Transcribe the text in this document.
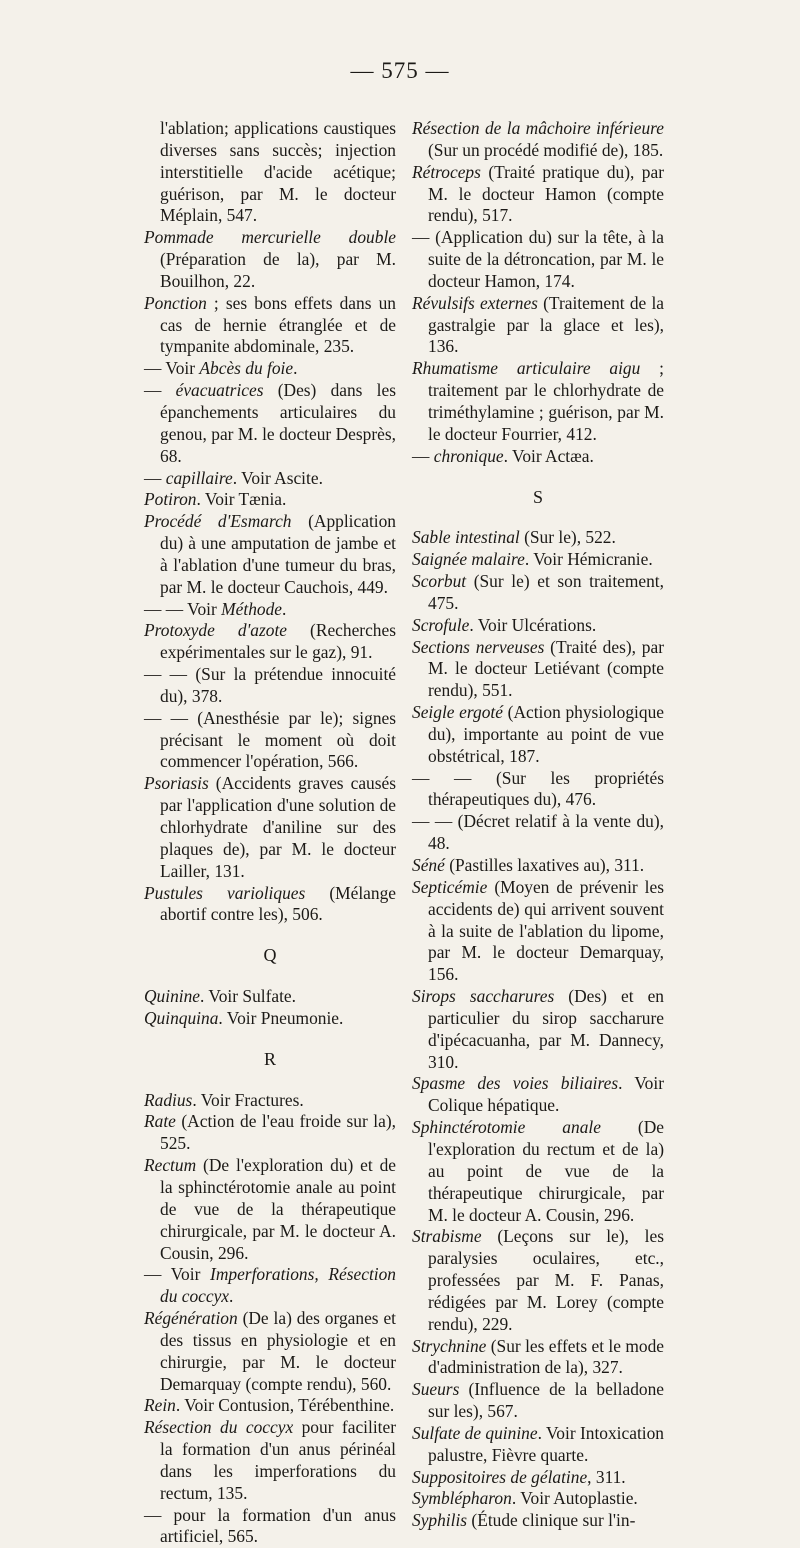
— 575 —

l'ablation; applications caustiques diverses sans succès; injection interstitielle d'acide acétique; guérison, par M. le docteur Méplain, 547.

Pommade mercurielle double (Préparation de la), par M. Bouilhon, 22.

Ponction ; ses bons effets dans un cas de hernie étranglée et de tympanite abdominale, 235.

— Voir Abcès du foie.

— évacuatrices (Des) dans les épanchements articulaires du genou, par M. le docteur Desprès, 68.

— capillaire. Voir Ascite.

Potiron. Voir Tænia.

Procédé d'Esmarch (Application du) à une amputation de jambe et à l'ablation d'une tumeur du bras, par M. le docteur Cauchois, 449.

— — Voir Méthode.

Protoxyde d'azote (Recherches expérimentales sur le gaz), 91.

— — (Sur la prétendue innocuité du), 378.

— — (Anesthésie par le); signes précisant le moment où doit commencer l'opération, 566.

Psoriasis (Accidents graves causés par l'application d'une solution de chlorhydrate d'aniline sur des plaques de), par M. le docteur Lailler, 131.

Pustules varioliques (Mélange abortif contre les), 506.

Q

Quinine. Voir Sulfate.

Quinquina. Voir Pneumonie.

R

Radius. Voir Fractures.

Rate (Action de l'eau froide sur la), 525.

Rectum (De l'exploration du) et de la sphinctérotomie anale au point de vue de la thérapeutique chirurgicale, par M. le docteur A. Cousin, 296.

— Voir Imperforations, Résection du coccyx.

Régénération (De la) des organes et des tissus en physiologie et en chirurgie, par M. le docteur Demarquay (compte rendu), 560.

Rein. Voir Contusion, Térébenthine.

Résection du coccyx pour faciliter la formation d'un anus périnéal dans les imperforations du rectum, 135.

— pour la formation d'un anus artificiel, 565.

Résection de la mâchoire inférieure (Sur un procédé modifié de), 185.

Rétroceps (Traité pratique du), par M. le docteur Hamon (compte rendu), 517.

— (Application du) sur la tête, à la suite de la détroncation, par M. le docteur Hamon, 174.

Révulsifs externes (Traitement de la gastralgie par la glace et les), 136.

Rhumatisme articulaire aigu ; traitement par le chlorhydrate de triméthylamine ; guérison, par M. le docteur Fourrier, 412.

— chronique. Voir Actæa.

S

Sable intestinal (Sur le), 522.

Saignée malaire. Voir Hémicranie.

Scorbut (Sur le) et son traitement, 475.

Scrofule. Voir Ulcérations.

Sections nerveuses (Traité des), par M. le docteur Letiévant (compte rendu), 551.

Seigle ergoté (Action physiologique du), importante au point de vue obstétrical, 187.

— — (Sur les propriétés thérapeutiques du), 476.

— — (Décret relatif à la vente du), 48.

Séné (Pastilles laxatives au), 311.

Septicémie (Moyen de prévenir les accidents de) qui arrivent souvent à la suite de l'ablation du lipome, par M. le docteur Demarquay, 156.

Sirops saccharures (Des) et en particulier du sirop saccharure d'ipécacuanha, par M. Dannecy, 310.

Spasme des voies biliaires. Voir Colique hépatique.

Sphinctérotomie anale (De l'exploration du rectum et de la) au point de vue de la thérapeutique chirurgicale, par M. le docteur A. Cousin, 296.

Strabisme (Leçons sur le), les paralysies oculaires, etc., professées par M. F. Panas, rédigées par M. Lorey (compte rendu), 229.

Strychnine (Sur les effets et le mode d'administration de la), 327.

Sueurs (Influence de la belladone sur les), 567.

Sulfate de quinine. Voir Intoxication palustre, Fièvre quarte.

Suppositoires de gélatine, 311.

Symblépharon. Voir Autoplastie.

Syphilis (Étude clinique sur l'in-
